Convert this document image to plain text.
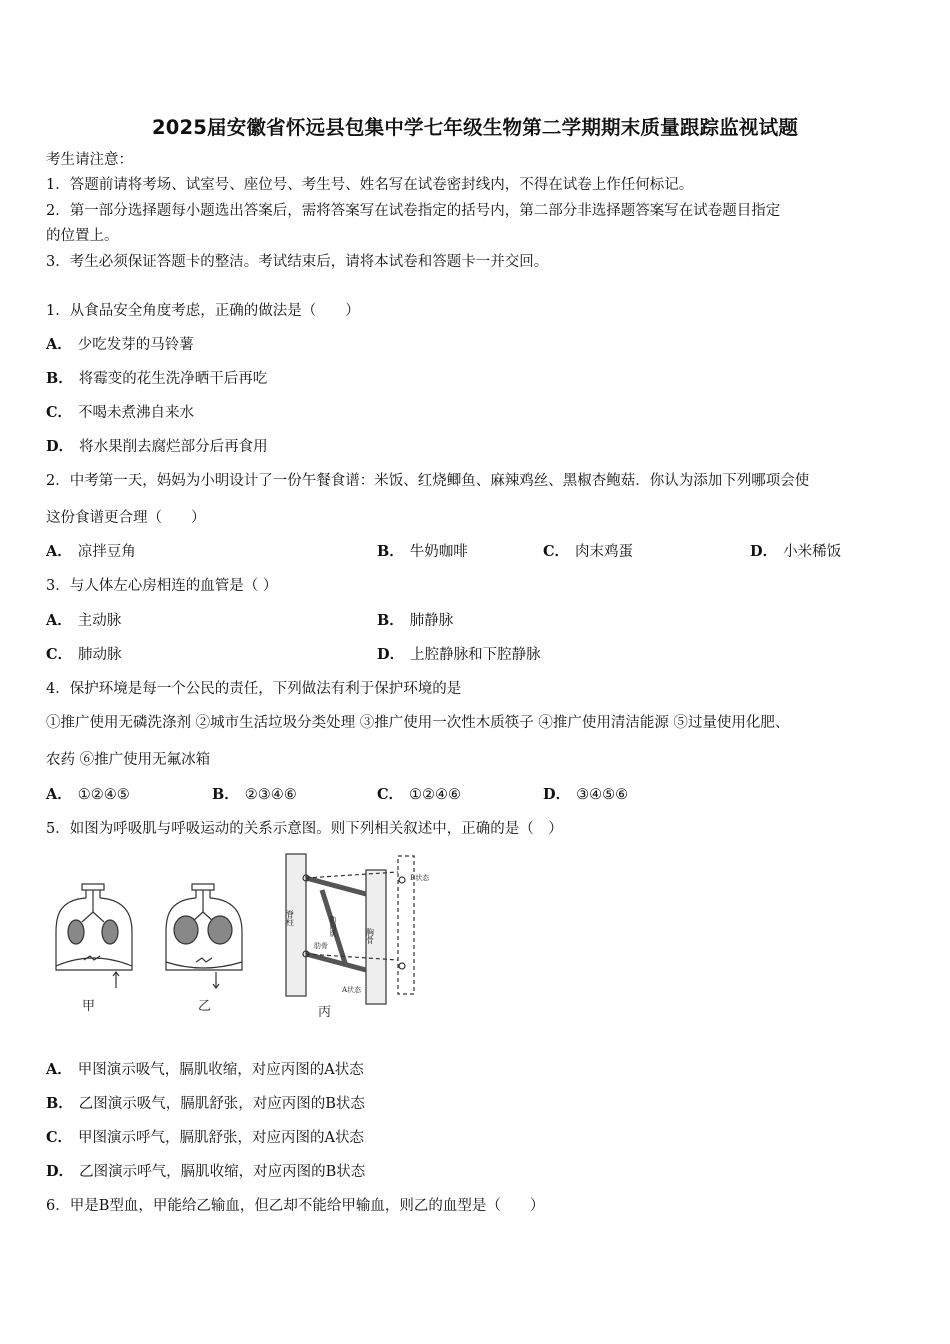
2025届安徽省怀远县包集中学七年级生物第二学期期末质量跟踪监视试题
考生请注意：
1．答题前请将考场、试室号、座位号、考生号、姓名写在试卷密封线内，不得在试卷上作任何标记。
2．第一部分选择题每小题选出答案后，需将答案写在试卷指定的括号内，第二部分非选择题答案写在试卷题目指定
的位置上。
3．考生必须保证答题卡的整洁。考试结束后，请将本试卷和答题卡一并交回。
1．从食品安全角度考虑，正确的做法是（　　）
A． 少吃发芽的马铃薯
B． 将霉变的花生洗净晒干后再吃
C． 不喝未煮沸自来水
D． 将水果削去腐烂部分后再食用
2．中考第一天，妈妈为小明设计了一份午餐食谱：米饭、红烧鲫鱼、麻辣鸡丝、黑椒杏鲍菇．你认为添加下列哪项会使
这份食谱更合理（　　）
A． 凉拌豆角	B． 牛奶咖啡	C． 肉末鸡蛋	D． 小米稀饭
3．与人体左心房相连的血管是（ ）
A． 主动脉	B． 肺静脉
C． 肺动脉	D． 上腔静脉和下腔静脉
4．保护环境是每一个公民的责任，下列做法有利于保护环境的是
①推广使用无磷洗涤剂 ②城市生活垃圾分类处理 ③推广使用一次性木质筷子 ④推广使用清洁能源 ⑤过量使用化肥、
农药 ⑥推广使用无氟冰箱
A． ①②④⑤	B． ②③④⑥	C． ①②④⑥	D． ③④⑤⑥
5．如图为呼吸肌与呼吸运动的关系示意图。则下列相关叙述中，正确的是（　）
甲	乙	丙
脊柱
胸骨
肋间肌
肋骨
B状态
A状态
A． 甲图演示吸气，膈肌收缩，对应丙图的A状态
B． 乙图演示吸气，膈肌舒张，对应丙图的B状态
C． 甲图演示呼气，膈肌舒张，对应丙图的A状态
D． 乙图演示呼气，膈肌收缩，对应丙图的B状态
6．甲是B型血，甲能给乙输血，但乙却不能给甲输血，则乙的血型是（　　）
